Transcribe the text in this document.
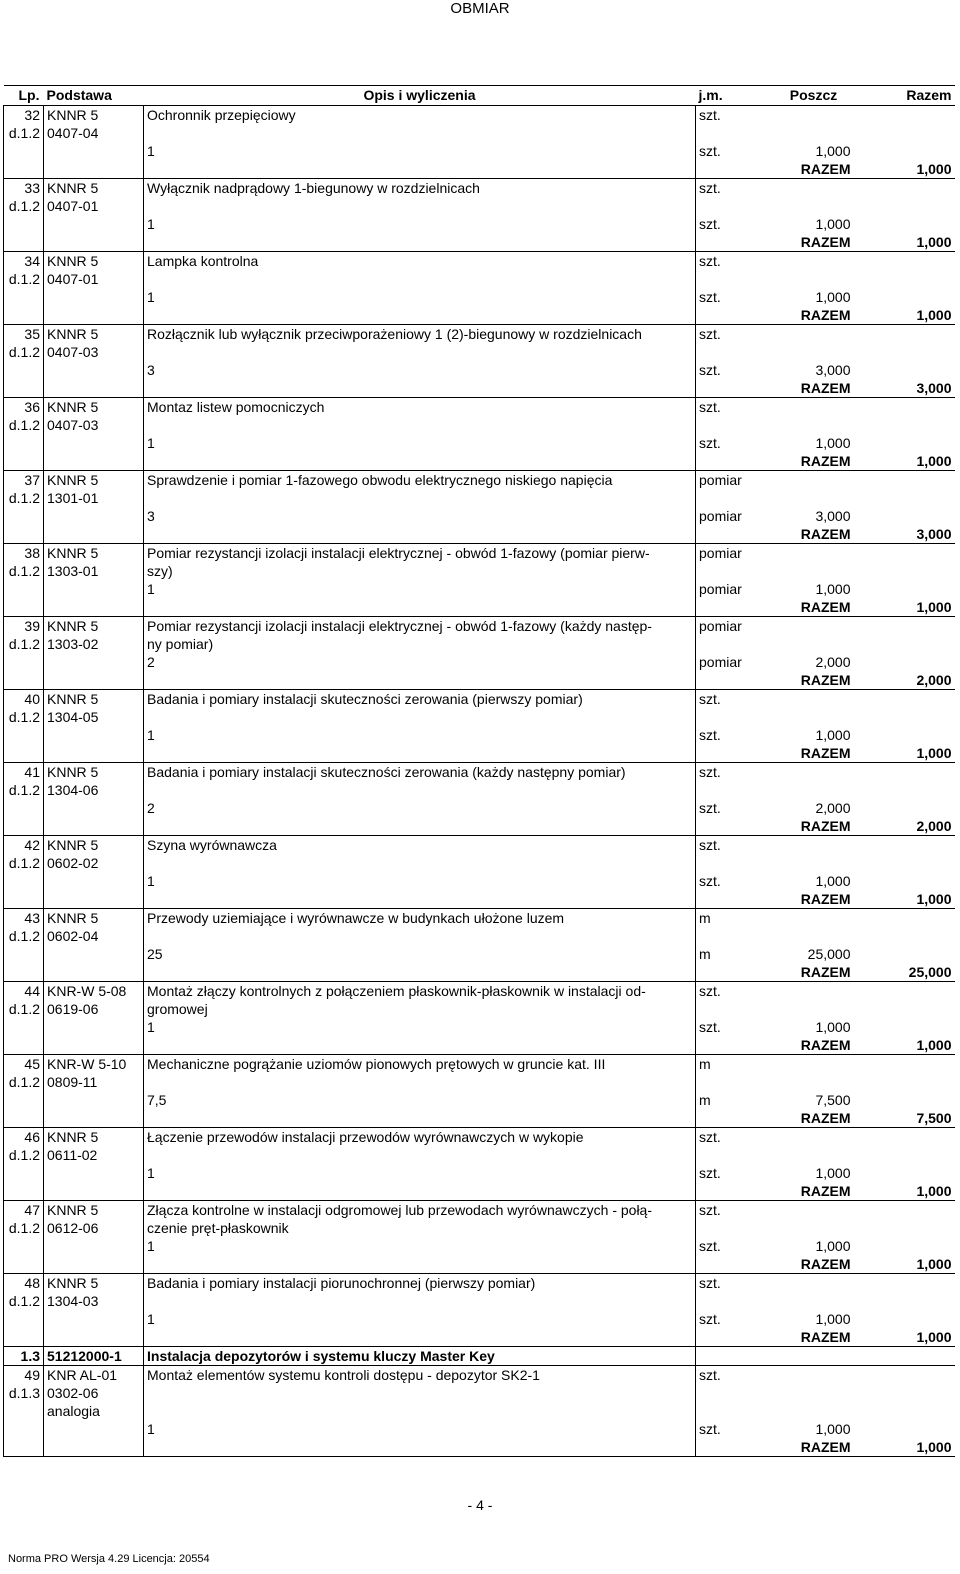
OBMIAR
Lp.	Podstawa	Opis i wyliczenia	j.m.	Poszcz	Razem
32	KNNR 5	Ochronnik przepięciowy	szt.		
d.1.2	0407-04				
		1	szt.	1,000	
			RAZEM		1,000
33	KNNR 5	Wyłącznik nadprądowy 1-biegunowy w rozdzielnicach	szt.		
d.1.2	0407-01				
		1	szt.	1,000	
			RAZEM		1,000
34	KNNR 5	Lampka kontrolna	szt.		
d.1.2	0407-01				
		1	szt.	1,000	
			RAZEM		1,000
35	KNNR 5	Rozłącznik lub wyłącznik przeciwporażeniowy 1 (2)-biegunowy w rozdzielnicach	szt.		
d.1.2	0407-03				
		3	szt.	3,000	
			RAZEM		3,000
36	KNNR 5	Montaz listew pomocniczych	szt.		
d.1.2	0407-03				
		1	szt.	1,000	
			RAZEM		1,000
37	KNNR 5	Sprawdzenie i pomiar 1-fazowego obwodu elektrycznego niskiego napięcia	pomiar		
d.1.2	1301-01				
		3	pomiar	3,000	
			RAZEM		3,000
38	KNNR 5	Pomiar rezystancji izolacji instalacji elektrycznej - obwód 1-fazowy (pomiar pierw-	pomiar		
d.1.2	1303-01	szy)			
		1	pomiar	1,000	
			RAZEM		1,000
39	KNNR 5	Pomiar rezystancji izolacji instalacji elektrycznej - obwód 1-fazowy (każdy następ-	pomiar		
d.1.2	1303-02	ny pomiar)			
		2	pomiar	2,000	
			RAZEM		2,000
40	KNNR 5	Badania i pomiary instalacji skuteczności zerowania (pierwszy pomiar)	szt.		
d.1.2	1304-05				
		1	szt.	1,000	
			RAZEM		1,000
41	KNNR 5	Badania i pomiary instalacji skuteczności zerowania (każdy następny pomiar)	szt.		
d.1.2	1304-06				
		2	szt.	2,000	
			RAZEM		2,000
42	KNNR 5	Szyna wyrównawcza	szt.		
d.1.2	0602-02				
		1	szt.	1,000	
			RAZEM		1,000
43	KNNR 5	Przewody uziemiające i wyrównawcze w budynkach ułożone luzem	m		
d.1.2	0602-04				
		25	m	25,000	
			RAZEM		25,000
44	KNR-W 5-08	Montaż złączy kontrolnych z połączeniem płaskownik-płaskownik w instalacji od-	szt.		
d.1.2	0619-06	gromowej			
		1	szt.	1,000	
			RAZEM		1,000
45	KNR-W 5-10	Mechaniczne pogrążanie uziomów pionowych prętowych w gruncie kat. III	m		
d.1.2	0809-11				
		7,5	m	7,500	
			RAZEM		7,500
46	KNNR 5	Łączenie przewodów instalacji przewodów wyrównawczych w wykopie	szt.		
d.1.2	0611-02				
		1	szt.	1,000	
			RAZEM		1,000
47	KNNR 5	Złącza kontrolne w instalacji odgromowej lub przewodach wyrównawczych - połą-	szt.		
d.1.2	0612-06	czenie pręt-płaskownik			
		1	szt.	1,000	
			RAZEM		1,000
48	KNNR 5	Badania i pomiary instalacji piorunochronnej (pierwszy pomiar)	szt.		
d.1.2	1304-03				
		1	szt.	1,000	
			RAZEM		1,000
1.3	51212000-1	Instalacja depozytorów i systemu kluczy Master Key			
49	KNR AL-01	Montaż elementów systemu kontroli dostępu - depozytor SK2-1	szt.		
d.1.3	0302-06				
	analogia				
		1	szt.	1,000	
			RAZEM		1,000
- 4 -
Norma PRO Wersja 4.29 Licencja: 20554
